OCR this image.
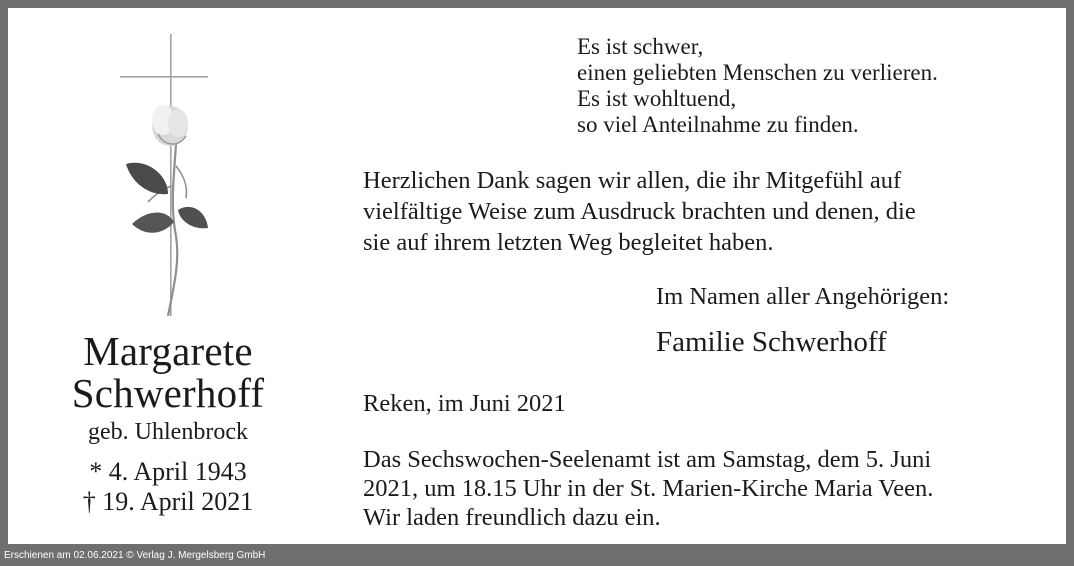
Margarete
Schwerhoff
geb. Uhlenbrock
* 4. April 1943
† 19. April 2021
Es ist schwer,
einen geliebten Menschen zu verlieren.
Es ist wohltuend,
so viel Anteilnahme zu finden.
Herzlichen Dank sagen wir allen, die ihr Mitgefühl auf
vielfältige Weise zum Ausdruck brachten und denen, die
sie auf ihrem letzten Weg begleitet haben.
Im Namen aller Angehörigen:
Familie Schwerhoff
Reken, im Juni 2021
Das Sechswochen-Seelenamt ist am Samstag, dem 5. Juni
2021, um 18.15 Uhr in der St. Marien-Kirche Maria Veen.
Wir laden freundlich dazu ein.
Erschienen am 02.06.2021 © Verlag J. Mergelsberg GmbH
